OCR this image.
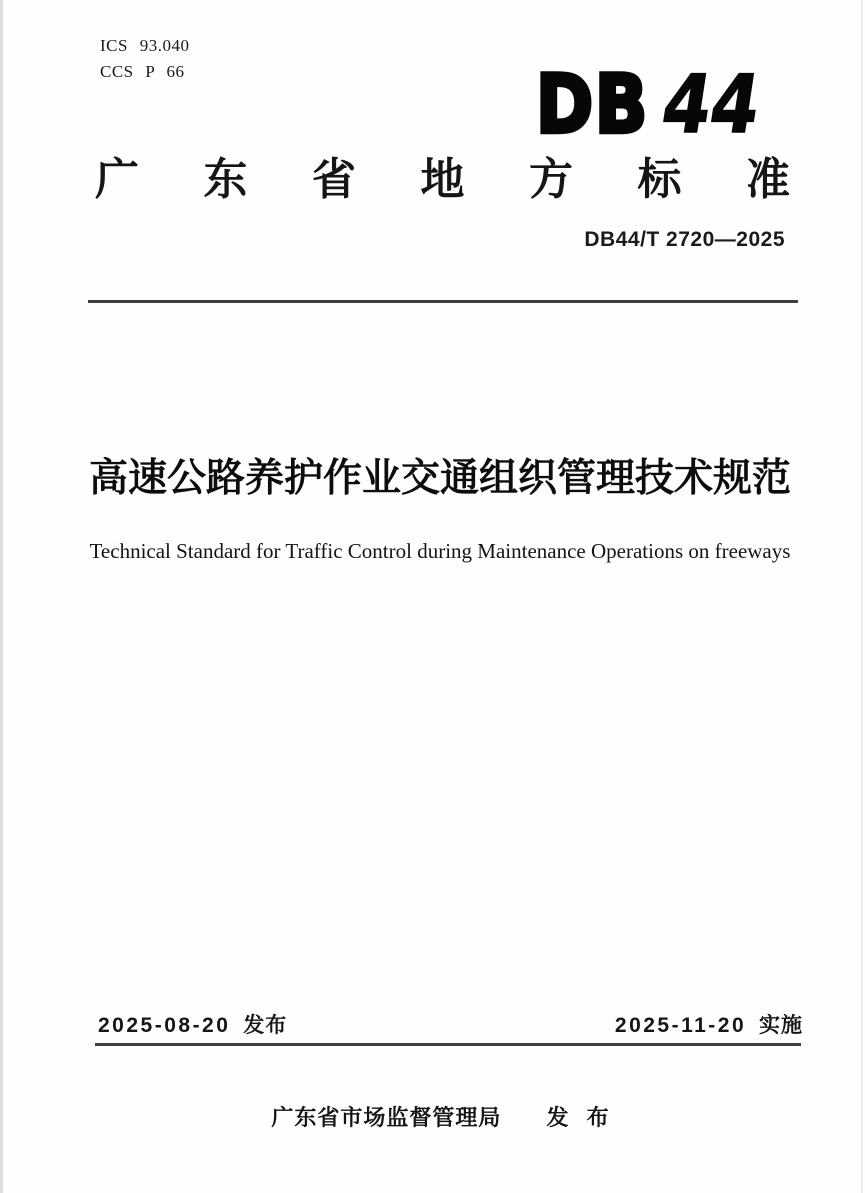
ICS 93.040
CCS P 66	DB 44
广 东 省 地 方 标 准
DB44/T 2720—2025
高速公路养护作业交通组织管理技术规范
Technical Standard for Traffic Control during Maintenance Operations on freeways
2025-08-20 发布	2025-11-20 实施
广东省市场监督管理局 发 布
